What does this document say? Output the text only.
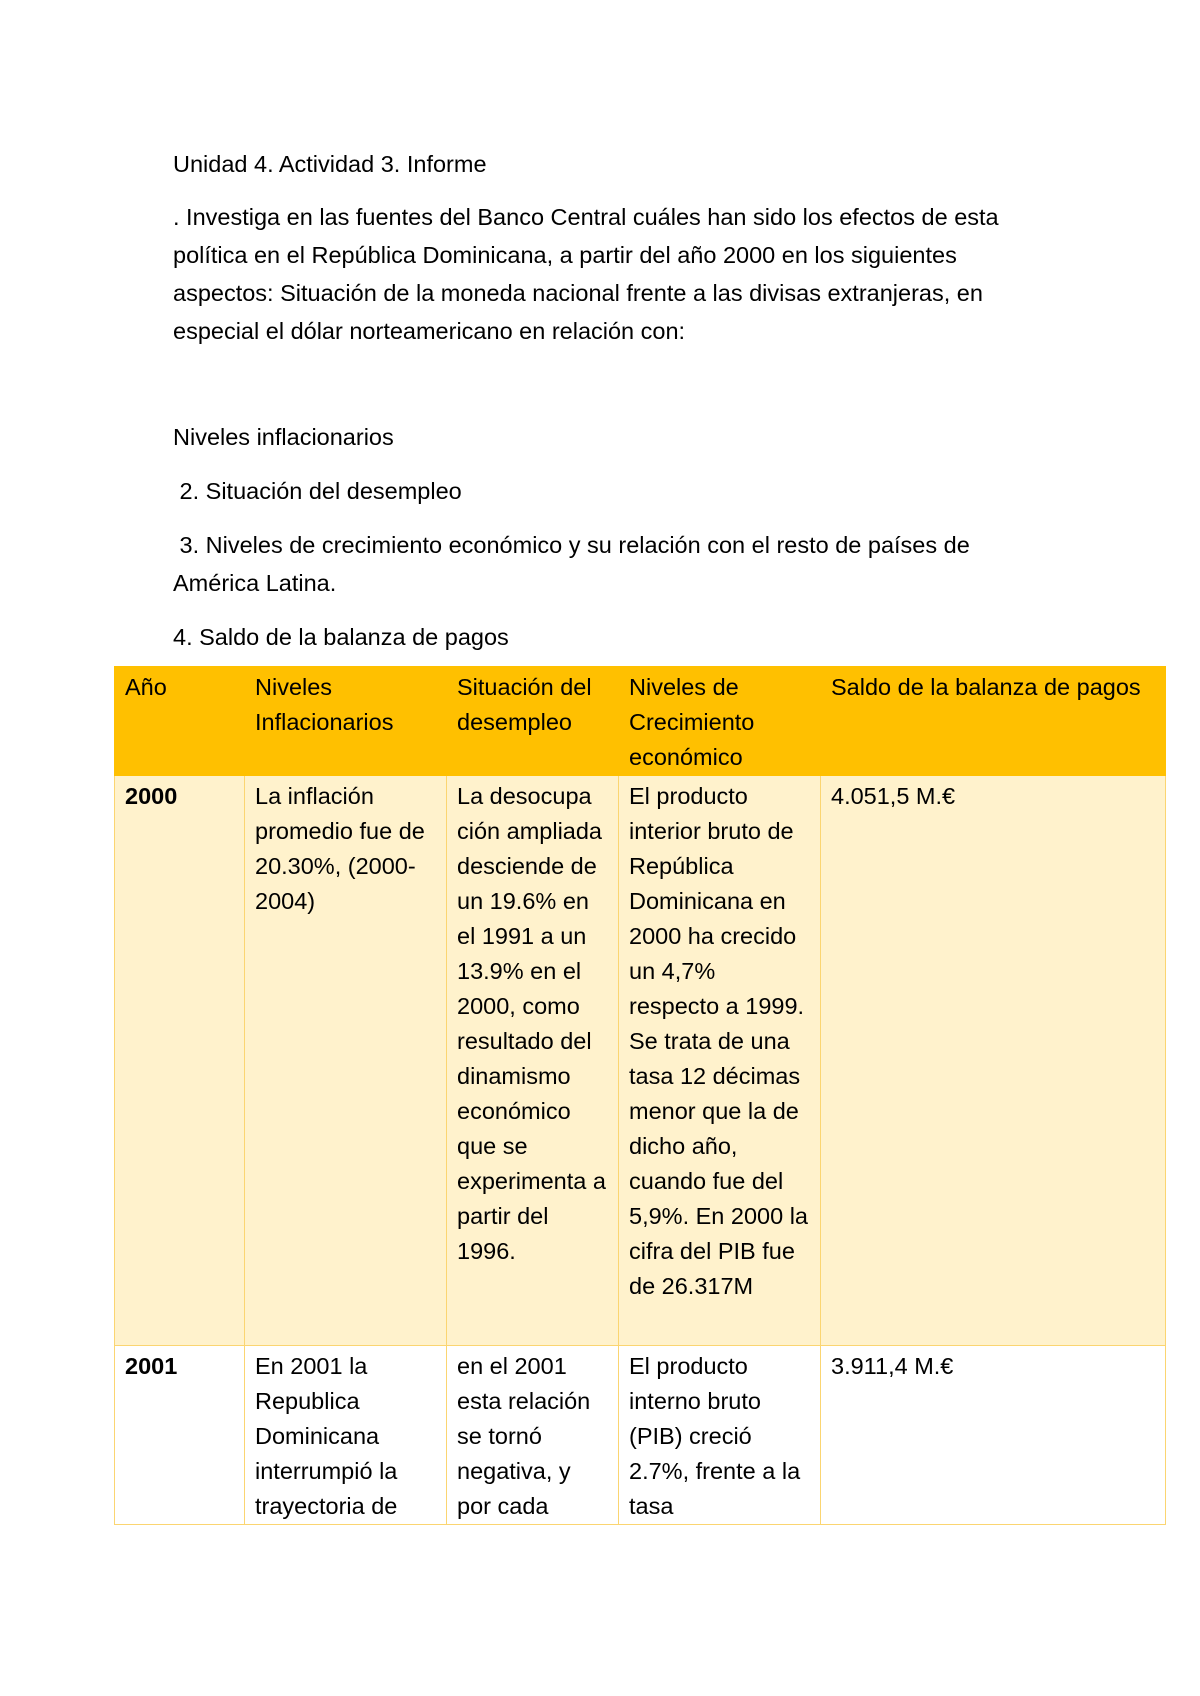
Unidad 4. Actividad 3. Informe
. Investiga en las fuentes del Banco Central cuáles han sido los efectos de esta política en el República Dominicana, a partir del año 2000 en los siguientes aspectos: Situación de la moneda nacional frente a las divisas extranjeras, en especial el dólar norteamericano en relación con:
Niveles inflacionarios
2. Situación del desempleo
3. Niveles de crecimiento económico y su relación con el resto de países de América Latina.
4. Saldo de la balanza de pagos
Año	Niveles Inflacionarios	Situación del desempleo	Niveles de Crecimiento económico	Saldo de la balanza de pagos
2000	La inflación promedio fue de 20.30%, (2000- 2004)	La desocupa ción ampliada desciende de un 19.6% en el 1991 a un 13.9% en el 2000, como resultado del dinamismo económico que se experimenta a partir del 1996.	El producto interior bruto de República Dominicana en 2000 ha crecido un 4,7% respecto a 1999. Se trata de una tasa 12 décimas menor que la de dicho año, cuando fue del 5,9%. En 2000 la cifra del PIB fue de 26.317M	4.051,5 M.€

2001	En 2001 la Republica Dominicana interrumpió la trayectoria de	en el 2001 esta relación se tornó negativa, y por cada	El producto interno bruto (PIB) creció 2.7%, frente a la tasa	3.911,4 M.€
